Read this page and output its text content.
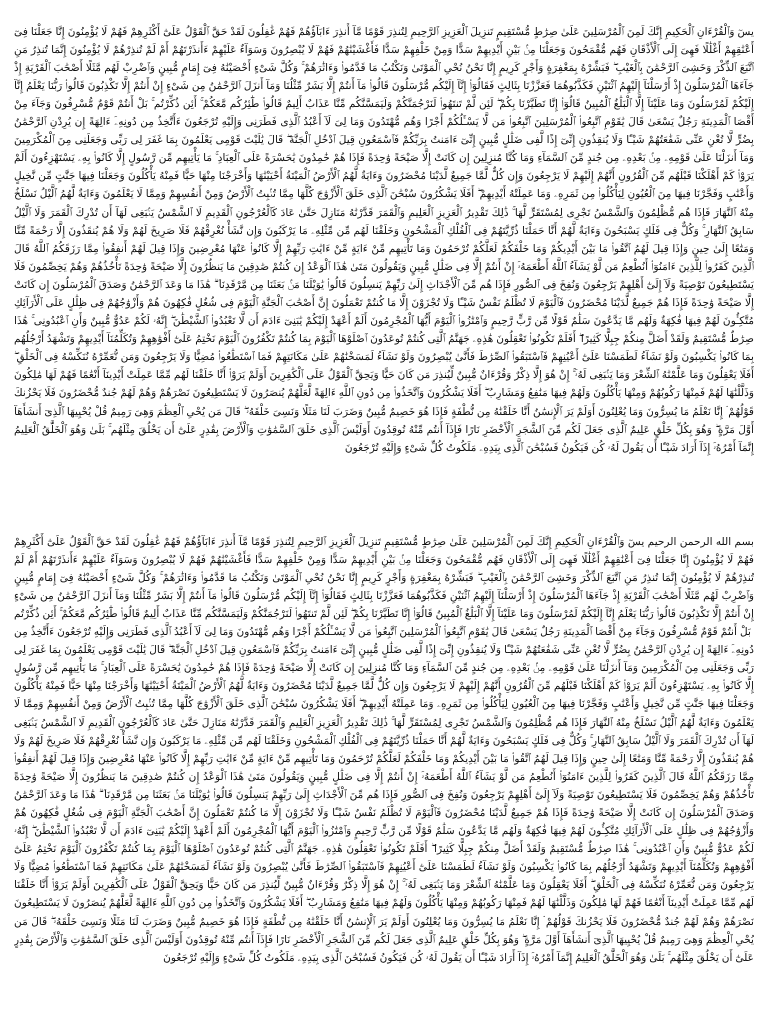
يسٓ وَٱلْقُرْءَانِ ٱلْحَكِيمِ إِنَّكَ لَمِنَ ٱلْمُرْسَلِينَ عَلَىٰ صِرَٰطٍ مُّسْتَقِيمٍ تَنزِيلَ ٱلْعَزِيزِ ٱلرَّحِيمِ لِتُنذِرَ قَوْمًا مَّآ أُنذِرَ ءَابَآؤُهُمْ فَهُمْ غَٰفِلُونَ لَقَدْ حَقَّ ٱلْقَوْلُ عَلَىٰٓ أَكْثَرِهِمْ فَهُمْ لَا يُؤْمِنُونَ إِنَّا جَعَلْنَا فِىٓ أَعْنَٰقِهِمْ أَغْلَٰلًا فَهِىَ إِلَى ٱلْأَذْقَانِ فَهُم مُّقْمَحُونَ وَجَعَلْنَا مِنۢ بَيْنِ أَيْدِيهِمْ سَدًّا وَمِنْ خَلْفِهِمْ سَدًّا فَأَغْشَيْنَٰهُمْ فَهُمْ لَا يُبْصِرُونَ وَسَوَآءٌ عَلَيْهِمْ ءَأَنذَرْتَهُمْ أَمْ لَمْ تُنذِرْهُمْ لَا يُؤْمِنُونَ إِنَّمَا تُنذِرُ مَنِ ٱتَّبَعَ ٱلذِّكْرَ وَخَشِىَ ٱلرَّحْمَٰنَ بِٱلْغَيْبِ ۖ فَبَشِّرْهُ بِمَغْفِرَةٍ وَأَجْرٍ كَرِيمٍ إِنَّا نَحْنُ نُحْىِ ٱلْمَوْتَىٰ وَنَكْتُبُ مَا قَدَّمُوا۟ وَءَاثَٰرَهُمْ ۚ وَكُلَّ شَىْءٍ أَحْصَيْنَٰهُ فِىٓ إِمَامٍ مُّبِينٍ وَٱضْرِبْ لَهُم مَّثَلًا أَصْحَٰبَ ٱلْقَرْيَةِ إِذْ جَآءَهَا ٱلْمُرْسَلُونَ إِذْ أَرْسَلْنَآ إِلَيْهِمُ ٱثْنَيْنِ فَكَذَّبُوهُمَا فَعَزَّزْنَا بِثَالِثٍ فَقَالُوٓا۟ إِنَّآ إِلَيْكُم مُّرْسَلُونَ قَالُوا۟ مَآ أَنتُمْ إِلَّا بَشَرٌ مِّثْلُنَا وَمَآ أَنزَلَ ٱلرَّحْمَٰنُ مِن شَىْءٍ إِنْ أَنتُمْ إِلَّا تَكْذِبُونَ قَالُوا۟ رَبُّنَا يَعْلَمُ إِنَّآ إِلَيْكُمْ لَمُرْسَلُونَ وَمَا عَلَيْنَآ إِلَّا ٱلْبَلَٰغُ ٱلْمُبِينُ قَالُوٓا۟ إِنَّا تَطَيَّرْنَا بِكُمْ ۖ لَئِن لَّمْ تَنتَهُوا۟ لَنَرْجُمَنَّكُمْ وَلَيَمَسَّنَّكُم مِّنَّا عَذَابٌ أَلِيمٌ قَالُوا۟ طَٰٓئِرُكُم مَّعَكُمْ ۚ أَئِن ذُكِّرْتُم ۚ بَلْ أَنتُمْ قَوْمٌ مُّسْرِفُونَ وَجَآءَ مِنْ أَقْصَا ٱلْمَدِينَةِ رَجُلٌ يَسْعَىٰ قَالَ يَٰقَوْمِ ٱتَّبِعُوا۟ ٱلْمُرْسَلِينَ ٱتَّبِعُوا۟ مَن لَّا يَسْـَٔلُكُمْ أَجْرًا وَهُم مُّهْتَدُونَ وَمَا لِىَ لَآ أَعْبُدُ ٱلَّذِى فَطَرَنِى وَإِلَيْهِ تُرْجَعُونَ ءَأَتَّخِذُ مِن دُونِهِۦٓ ءَالِهَةً إِن يُرِدْنِ ٱلرَّحْمَٰنُ بِضُرٍّ لَّا تُغْنِ عَنِّى شَفَٰعَتُهُمْ شَيْـًٔا وَلَا يُنقِذُونِ إِنِّىٓ إِذًا لَّفِى ضَلَٰلٍ مُّبِينٍ إِنِّىٓ ءَامَنتُ بِرَبِّكُمْ فَٱسْمَعُونِ قِيلَ ٱدْخُلِ ٱلْجَنَّةَ ۖ قَالَ يَٰلَيْتَ قَوْمِى يَعْلَمُونَ بِمَا غَفَرَ لِى رَبِّى وَجَعَلَنِى مِنَ ٱلْمُكْرَمِينَ وَمَآ أَنزَلْنَا عَلَىٰ قَوْمِهِۦ مِنۢ بَعْدِهِۦ مِن جُندٍ مِّنَ ٱلسَّمَآءِ وَمَا كُنَّا مُنزِلِينَ إِن كَانَتْ إِلَّا صَيْحَةً وَٰحِدَةً فَإِذَا هُمْ خَٰمِدُونَ يَٰحَسْرَةً عَلَى ٱلْعِبَادِ ۚ مَا يَأْتِيهِم مِّن رَّسُولٍ إِلَّا كَانُوا۟ بِهِۦ يَسْتَهْزِءُونَ أَلَمْ يَرَوْا۟ كَمْ أَهْلَكْنَا قَبْلَهُم مِّنَ ٱلْقُرُونِ أَنَّهُمْ إِلَيْهِمْ لَا يَرْجِعُونَ وَإِن كُلٌّ لَّمَّا جَمِيعٌ لَّدَيْنَا مُحْضَرُونَ وَءَايَةٌ لَّهُمُ ٱلْأَرْضُ ٱلْمَيْتَةُ أَحْيَيْنَٰهَا وَأَخْرَجْنَا مِنْهَا حَبًّا فَمِنْهُ يَأْكُلُونَ وَجَعَلْنَا فِيهَا جَنَّٰتٍ مِّن نَّخِيلٍ وَأَعْنَٰبٍ وَفَجَّرْنَا فِيهَا مِنَ ٱلْعُيُونِ لِيَأْكُلُوا۟ مِن ثَمَرِهِۦ وَمَا عَمِلَتْهُ أَيْدِيهِمْ ۖ أَفَلَا يَشْكُرُونَ سُبْحَٰنَ ٱلَّذِى خَلَقَ ٱلْأَزْوَٰجَ كُلَّهَا مِمَّا تُنۢبِتُ ٱلْأَرْضُ وَمِنْ أَنفُسِهِمْ وَمِمَّا لَا يَعْلَمُونَ وَءَايَةٌ لَّهُمُ ٱلَّيْلُ نَسْلَخُ مِنْهُ ٱلنَّهَارَ فَإِذَا هُم مُّظْلِمُونَ وَٱلشَّمْسُ تَجْرِى لِمُسْتَقَرٍّ لَّهَا ۚ ذَٰلِكَ تَقْدِيرُ ٱلْعَزِيزِ ٱلْعَلِيمِ وَٱلْقَمَرَ قَدَّرْنَٰهُ مَنَازِلَ حَتَّىٰ عَادَ كَٱلْعُرْجُونِ ٱلْقَدِيمِ لَا ٱلشَّمْسُ يَنۢبَغِى لَهَآ أَن تُدْرِكَ ٱلْقَمَرَ وَلَا ٱلَّيْلُ سَابِقُ ٱلنَّهَارِ ۚ وَكُلٌّ فِى فَلَكٍ يَسْبَحُونَ وَءَايَةٌ لَّهُمْ أَنَّا حَمَلْنَا ذُرِّيَّتَهُمْ فِى ٱلْفُلْكِ ٱلْمَشْحُونِ وَخَلَقْنَا لَهُم مِّن مِّثْلِهِۦ مَا يَرْكَبُونَ وَإِن نَّشَأْ نُغْرِقْهُمْ فَلَا صَرِيخَ لَهُمْ وَلَا هُمْ يُنقَذُونَ إِلَّا رَحْمَةً مِّنَّا وَمَتَٰعًا إِلَىٰ حِينٍ وَإِذَا قِيلَ لَهُمُ ٱتَّقُوا۟ مَا بَيْنَ أَيْدِيكُمْ وَمَا خَلْفَكُمْ لَعَلَّكُمْ تُرْحَمُونَ وَمَا تَأْتِيهِم مِّنْ ءَايَةٍ مِّنْ ءَايَٰتِ رَبِّهِمْ إِلَّا كَانُوا۟ عَنْهَا مُعْرِضِينَ وَإِذَا قِيلَ لَهُمْ أَنفِقُوا۟ مِمَّا رَزَقَكُمُ ٱللَّهُ قَالَ ٱلَّذِينَ كَفَرُوا۟ لِلَّذِينَ ءَامَنُوٓا۟ أَنُطْعِمُ مَن لَّوْ يَشَآءُ ٱللَّهُ أَطْعَمَهُۥٓ إِنْ أَنتُمْ إِلَّا فِى ضَلَٰلٍ مُّبِينٍ وَيَقُولُونَ مَتَىٰ هَٰذَا ٱلْوَعْدُ إِن كُنتُمْ صَٰدِقِينَ مَا يَنظُرُونَ إِلَّا صَيْحَةً وَٰحِدَةً تَأْخُذُهُمْ وَهُمْ يَخِصِّمُونَ فَلَا يَسْتَطِيعُونَ تَوْصِيَةً وَلَآ إِلَىٰٓ أَهْلِهِمْ يَرْجِعُونَ وَنُفِخَ فِى ٱلصُّورِ فَإِذَا هُم مِّنَ ٱلْأَجْدَاثِ إِلَىٰ رَبِّهِمْ يَنسِلُونَ قَالُوا۟ يَٰوَيْلَنَا مَنۢ بَعَثَنَا مِن مَّرْقَدِنَا ۜ ۗ هَٰذَا مَا وَعَدَ ٱلرَّحْمَٰنُ وَصَدَقَ ٱلْمُرْسَلُونَ إِن كَانَتْ إِلَّا صَيْحَةً وَٰحِدَةً فَإِذَا هُمْ جَمِيعٌ لَّدَيْنَا مُحْضَرُونَ فَٱلْيَوْمَ لَا تُظْلَمُ نَفْسٌ شَيْـًٔا وَلَا تُجْزَوْنَ إِلَّا مَا كُنتُمْ تَعْمَلُونَ إِنَّ أَصْحَٰبَ ٱلْجَنَّةِ ٱلْيَوْمَ فِى شُغُلٍ فَٰكِهُونَ هُمْ وَأَزْوَٰجُهُمْ فِى ظِلَٰلٍ عَلَى ٱلْأَرَآئِكِ مُتَّكِـُٔونَ لَهُمْ فِيهَا فَٰكِهَةٌ وَلَهُم مَّا يَدَّعُونَ سَلَٰمٌ قَوْلًا مِّن رَّبٍّ رَّحِيمٍ وَٱمْتَٰزُوا۟ ٱلْيَوْمَ أَيُّهَا ٱلْمُجْرِمُونَ أَلَمْ أَعْهَدْ إِلَيْكُمْ يَٰبَنِىٓ ءَادَمَ أَن لَّا تَعْبُدُوا۟ ٱلشَّيْطَٰنَ ۖ إِنَّهُۥ لَكُمْ عَدُوٌّ مُّبِينٌ وَأَنِ ٱعْبُدُونِى ۚ هَٰذَا صِرَٰطٌ مُّسْتَقِيمٌ وَلَقَدْ أَضَلَّ مِنكُمْ جِبِلًّا كَثِيرًا ۖ أَفَلَمْ تَكُونُوا۟ تَعْقِلُونَ هَٰذِهِۦ جَهَنَّمُ ٱلَّتِى كُنتُمْ تُوعَدُونَ ٱصْلَوْهَا ٱلْيَوْمَ بِمَا كُنتُمْ تَكْفُرُونَ ٱلْيَوْمَ نَخْتِمُ عَلَىٰٓ أَفْوَٰهِهِمْ وَتُكَلِّمُنَآ أَيْدِيهِمْ وَتَشْهَدُ أَرْجُلُهُم بِمَا كَانُوا۟ يَكْسِبُونَ وَلَوْ نَشَآءُ لَطَمَسْنَا عَلَىٰٓ أَعْيُنِهِمْ فَٱسْتَبَقُوا۟ ٱلصِّرَٰطَ فَأَنَّىٰ يُبْصِرُونَ وَلَوْ نَشَآءُ لَمَسَخْنَٰهُمْ عَلَىٰ مَكَانَتِهِمْ فَمَا ٱسْتَطَٰعُوا۟ مُضِيًّا وَلَا يَرْجِعُونَ وَمَن نُّعَمِّرْهُ نُنَكِّسْهُ فِى ٱلْخَلْقِ ۖ أَفَلَا يَعْقِلُونَ وَمَا عَلَّمْنَٰهُ ٱلشِّعْرَ وَمَا يَنۢبَغِى لَهُۥٓ ۚ إِنْ هُوَ إِلَّا ذِكْرٌ وَقُرْءَانٌ مُّبِينٌ لِّيُنذِرَ مَن كَانَ حَيًّا وَيَحِقَّ ٱلْقَوْلُ عَلَى ٱلْكَٰفِرِينَ أَوَلَمْ يَرَوْا۟ أَنَّا خَلَقْنَا لَهُم مِّمَّا عَمِلَتْ أَيْدِينَآ أَنْعَٰمًا فَهُمْ لَهَا مَٰلِكُونَ وَذَلَّلْنَٰهَا لَهُمْ فَمِنْهَا رَكُوبُهُمْ وَمِنْهَا يَأْكُلُونَ وَلَهُمْ فِيهَا مَنَٰفِعُ وَمَشَارِبُ ۖ أَفَلَا يَشْكُرُونَ وَٱتَّخَذُوا۟ مِن دُونِ ٱللَّهِ ءَالِهَةً لَّعَلَّهُمْ يُنصَرُونَ لَا يَسْتَطِيعُونَ نَصْرَهُمْ وَهُمْ لَهُمْ جُندٌ مُّحْضَرُونَ فَلَا يَحْزُنكَ قَوْلُهُمْ ۘ إِنَّا نَعْلَمُ مَا يُسِرُّونَ وَمَا يُعْلِنُونَ أَوَلَمْ يَرَ ٱلْإِنسَٰنُ أَنَّا خَلَقْنَٰهُ مِن نُّطْفَةٍ فَإِذَا هُوَ خَصِيمٌ مُّبِينٌ وَضَرَبَ لَنَا مَثَلًا وَنَسِىَ خَلْقَهُۥ ۖ قَالَ مَن يُحْىِ ٱلْعِظَٰمَ وَهِىَ رَمِيمٌ قُلْ يُحْيِيهَا ٱلَّذِىٓ أَنشَأَهَآ أَوَّلَ مَرَّةٍ ۖ وَهُوَ بِكُلِّ خَلْقٍ عَلِيمٌ ٱلَّذِى جَعَلَ لَكُم مِّنَ ٱلشَّجَرِ ٱلْأَخْضَرِ نَارًا فَإِذَآ أَنتُم مِّنْهُ تُوقِدُونَ أَوَلَيْسَ ٱلَّذِى خَلَقَ ٱلسَّمَٰوَٰتِ وَٱلْأَرْضَ بِقَٰدِرٍ عَلَىٰٓ أَن يَخْلُقَ مِثْلَهُم ۚ بَلَىٰ وَهُوَ ٱلْخَلَّٰقُ ٱلْعَلِيمُ إِنَّمَآ أَمْرُهُۥٓ إِذَآ أَرَادَ شَيْـًٔا أَن يَقُولَ لَهُۥ كُن فَيَكُونُ فَسُبْحَٰنَ ٱلَّذِى بِيَدِهِۦ مَلَكُوتُ كُلِّ شَىْءٍ وَإِلَيْهِ تُرْجَعُونَ

بسم الله الرحمن الرحيم يسٓ وَٱلْقُرْءَانِ ٱلْحَكِيمِ إِنَّكَ لَمِنَ ٱلْمُرْسَلِينَ عَلَىٰ صِرَٰطٍ مُّسْتَقِيمٍ تَنزِيلَ ٱلْعَزِيزِ ٱلرَّحِيمِ لِتُنذِرَ قَوْمًا مَّآ أُنذِرَ ءَابَآؤُهُمْ فَهُمْ غَٰفِلُونَ لَقَدْ حَقَّ ٱلْقَوْلُ عَلَىٰٓ أَكْثَرِهِمْ فَهُمْ لَا يُؤْمِنُونَ إِنَّا جَعَلْنَا فِىٓ أَعْنَٰقِهِمْ أَغْلَٰلًا فَهِىَ إِلَى ٱلْأَذْقَانِ فَهُم مُّقْمَحُونَ وَجَعَلْنَا مِنۢ بَيْنِ أَيْدِيهِمْ سَدًّا وَمِنْ خَلْفِهِمْ سَدًّا فَأَغْشَيْنَٰهُمْ فَهُمْ لَا يُبْصِرُونَ وَسَوَآءٌ عَلَيْهِمْ ءَأَنذَرْتَهُمْ أَمْ لَمْ تُنذِرْهُمْ لَا يُؤْمِنُونَ إِنَّمَا تُنذِرُ مَنِ ٱتَّبَعَ ٱلذِّكْرَ وَخَشِىَ ٱلرَّحْمَٰنَ بِٱلْغَيْبِ ۖ فَبَشِّرْهُ بِمَغْفِرَةٍ وَأَجْرٍ كَرِيمٍ إِنَّا نَحْنُ نُحْىِ ٱلْمَوْتَىٰ وَنَكْتُبُ مَا قَدَّمُوا۟ وَءَاثَٰرَهُمْ ۚ وَكُلَّ شَىْءٍ أَحْصَيْنَٰهُ فِىٓ إِمَامٍ مُّبِينٍ وَٱضْرِبْ لَهُم مَّثَلًا أَصْحَٰبَ ٱلْقَرْيَةِ إِذْ جَآءَهَا ٱلْمُرْسَلُونَ إِذْ أَرْسَلْنَآ إِلَيْهِمُ ٱثْنَيْنِ فَكَذَّبُوهُمَا فَعَزَّزْنَا بِثَالِثٍ فَقَالُوٓا۟ إِنَّآ إِلَيْكُم مُّرْسَلُونَ قَالُوا۟ مَآ أَنتُمْ إِلَّا بَشَرٌ مِّثْلُنَا وَمَآ أَنزَلَ ٱلرَّحْمَٰنُ مِن شَىْءٍ إِنْ أَنتُمْ إِلَّا تَكْذِبُونَ قَالُوا۟ رَبُّنَا يَعْلَمُ إِنَّآ إِلَيْكُمْ لَمُرْسَلُونَ وَمَا عَلَيْنَآ إِلَّا ٱلْبَلَٰغُ ٱلْمُبِينُ قَالُوٓا۟ إِنَّا تَطَيَّرْنَا بِكُمْ ۖ لَئِن لَّمْ تَنتَهُوا۟ لَنَرْجُمَنَّكُمْ وَلَيَمَسَّنَّكُم مِّنَّا عَذَابٌ أَلِيمٌ قَالُوا۟ طَٰٓئِرُكُم مَّعَكُمْ ۚ أَئِن ذُكِّرْتُم ۚ بَلْ أَنتُمْ قَوْمٌ مُّسْرِفُونَ وَجَآءَ مِنْ أَقْصَا ٱلْمَدِينَةِ رَجُلٌ يَسْعَىٰ قَالَ يَٰقَوْمِ ٱتَّبِعُوا۟ ٱلْمُرْسَلِينَ ٱتَّبِعُوا۟ مَن لَّا يَسْـَٔلُكُمْ أَجْرًا وَهُم مُّهْتَدُونَ وَمَا لِىَ لَآ أَعْبُدُ ٱلَّذِى فَطَرَنِى وَإِلَيْهِ تُرْجَعُونَ ءَأَتَّخِذُ مِن دُونِهِۦٓ ءَالِهَةً إِن يُرِدْنِ ٱلرَّحْمَٰنُ بِضُرٍّ لَّا تُغْنِ عَنِّى شَفَٰعَتُهُمْ شَيْـًٔا وَلَا يُنقِذُونِ إِنِّىٓ إِذًا لَّفِى ضَلَٰلٍ مُّبِينٍ إِنِّىٓ ءَامَنتُ بِرَبِّكُمْ فَٱسْمَعُونِ قِيلَ ٱدْخُلِ ٱلْجَنَّةَ ۖ قَالَ يَٰلَيْتَ قَوْمِى يَعْلَمُونَ بِمَا غَفَرَ لِى رَبِّى وَجَعَلَنِى مِنَ ٱلْمُكْرَمِينَ وَمَآ أَنزَلْنَا عَلَىٰ قَوْمِهِۦ مِنۢ بَعْدِهِۦ مِن جُندٍ مِّنَ ٱلسَّمَآءِ وَمَا كُنَّا مُنزِلِينَ إِن كَانَتْ إِلَّا صَيْحَةً وَٰحِدَةً فَإِذَا هُمْ خَٰمِدُونَ يَٰحَسْرَةً عَلَى ٱلْعِبَادِ ۚ مَا يَأْتِيهِم مِّن رَّسُولٍ إِلَّا كَانُوا۟ بِهِۦ يَسْتَهْزِءُونَ أَلَمْ يَرَوْا۟ كَمْ أَهْلَكْنَا قَبْلَهُم مِّنَ ٱلْقُرُونِ أَنَّهُمْ إِلَيْهِمْ لَا يَرْجِعُونَ وَإِن كُلٌّ لَّمَّا جَمِيعٌ لَّدَيْنَا مُحْضَرُونَ وَءَايَةٌ لَّهُمُ ٱلْأَرْضُ ٱلْمَيْتَةُ أَحْيَيْنَٰهَا وَأَخْرَجْنَا مِنْهَا حَبًّا فَمِنْهُ يَأْكُلُونَ وَجَعَلْنَا فِيهَا جَنَّٰتٍ مِّن نَّخِيلٍ وَأَعْنَٰبٍ وَفَجَّرْنَا فِيهَا مِنَ ٱلْعُيُونِ لِيَأْكُلُوا۟ مِن ثَمَرِهِۦ وَمَا عَمِلَتْهُ أَيْدِيهِمْ ۖ أَفَلَا يَشْكُرُونَ سُبْحَٰنَ ٱلَّذِى خَلَقَ ٱلْأَزْوَٰجَ كُلَّهَا مِمَّا تُنۢبِتُ ٱلْأَرْضُ وَمِنْ أَنفُسِهِمْ وَمِمَّا لَا يَعْلَمُونَ وَءَايَةٌ لَّهُمُ ٱلَّيْلُ نَسْلَخُ مِنْهُ ٱلنَّهَارَ فَإِذَا هُم مُّظْلِمُونَ وَٱلشَّمْسُ تَجْرِى لِمُسْتَقَرٍّ لَّهَا ۚ ذَٰلِكَ تَقْدِيرُ ٱلْعَزِيزِ ٱلْعَلِيمِ وَٱلْقَمَرَ قَدَّرْنَٰهُ مَنَازِلَ حَتَّىٰ عَادَ كَٱلْعُرْجُونِ ٱلْقَدِيمِ لَا ٱلشَّمْسُ يَنۢبَغِى لَهَآ أَن تُدْرِكَ ٱلْقَمَرَ وَلَا ٱلَّيْلُ سَابِقُ ٱلنَّهَارِ ۚ وَكُلٌّ فِى فَلَكٍ يَسْبَحُونَ وَءَايَةٌ لَّهُمْ أَنَّا حَمَلْنَا ذُرِّيَّتَهُمْ فِى ٱلْفُلْكِ ٱلْمَشْحُونِ وَخَلَقْنَا لَهُم مِّن مِّثْلِهِۦ مَا يَرْكَبُونَ وَإِن نَّشَأْ نُغْرِقْهُمْ فَلَا صَرِيخَ لَهُمْ وَلَا هُمْ يُنقَذُونَ إِلَّا رَحْمَةً مِّنَّا وَمَتَٰعًا إِلَىٰ حِينٍ وَإِذَا قِيلَ لَهُمُ ٱتَّقُوا۟ مَا بَيْنَ أَيْدِيكُمْ وَمَا خَلْفَكُمْ لَعَلَّكُمْ تُرْحَمُونَ وَمَا تَأْتِيهِم مِّنْ ءَايَةٍ مِّنْ ءَايَٰتِ رَبِّهِمْ إِلَّا كَانُوا۟ عَنْهَا مُعْرِضِينَ وَإِذَا قِيلَ لَهُمْ أَنفِقُوا۟ مِمَّا رَزَقَكُمُ ٱللَّهُ قَالَ ٱلَّذِينَ كَفَرُوا۟ لِلَّذِينَ ءَامَنُوٓا۟ أَنُطْعِمُ مَن لَّوْ يَشَآءُ ٱللَّهُ أَطْعَمَهُۥٓ إِنْ أَنتُمْ إِلَّا فِى ضَلَٰلٍ مُّبِينٍ وَيَقُولُونَ مَتَىٰ هَٰذَا ٱلْوَعْدُ إِن كُنتُمْ صَٰدِقِينَ مَا يَنظُرُونَ إِلَّا صَيْحَةً وَٰحِدَةً تَأْخُذُهُمْ وَهُمْ يَخِصِّمُونَ فَلَا يَسْتَطِيعُونَ تَوْصِيَةً وَلَآ إِلَىٰٓ أَهْلِهِمْ يَرْجِعُونَ وَنُفِخَ فِى ٱلصُّورِ فَإِذَا هُم مِّنَ ٱلْأَجْدَاثِ إِلَىٰ رَبِّهِمْ يَنسِلُونَ قَالُوا۟ يَٰوَيْلَنَا مَنۢ بَعَثَنَا مِن مَّرْقَدِنَا ۜ ۗ هَٰذَا مَا وَعَدَ ٱلرَّحْمَٰنُ وَصَدَقَ ٱلْمُرْسَلُونَ إِن كَانَتْ إِلَّا صَيْحَةً وَٰحِدَةً فَإِذَا هُمْ جَمِيعٌ لَّدَيْنَا مُحْضَرُونَ فَٱلْيَوْمَ لَا تُظْلَمُ نَفْسٌ شَيْـًٔا وَلَا تُجْزَوْنَ إِلَّا مَا كُنتُمْ تَعْمَلُونَ إِنَّ أَصْحَٰبَ ٱلْجَنَّةِ ٱلْيَوْمَ فِى شُغُلٍ فَٰكِهُونَ هُمْ وَأَزْوَٰجُهُمْ فِى ظِلَٰلٍ عَلَى ٱلْأَرَآئِكِ مُتَّكِـُٔونَ لَهُمْ فِيهَا فَٰكِهَةٌ وَلَهُم مَّا يَدَّعُونَ سَلَٰمٌ قَوْلًا مِّن رَّبٍّ رَّحِيمٍ وَٱمْتَٰزُوا۟ ٱلْيَوْمَ أَيُّهَا ٱلْمُجْرِمُونَ أَلَمْ أَعْهَدْ إِلَيْكُمْ يَٰبَنِىٓ ءَادَمَ أَن لَّا تَعْبُدُوا۟ ٱلشَّيْطَٰنَ ۖ إِنَّهُۥ لَكُمْ عَدُوٌّ مُّبِينٌ وَأَنِ ٱعْبُدُونِى ۚ هَٰذَا صِرَٰطٌ مُّسْتَقِيمٌ وَلَقَدْ أَضَلَّ مِنكُمْ جِبِلًّا كَثِيرًا ۖ أَفَلَمْ تَكُونُوا۟ تَعْقِلُونَ هَٰذِهِۦ جَهَنَّمُ ٱلَّتِى كُنتُمْ تُوعَدُونَ ٱصْلَوْهَا ٱلْيَوْمَ بِمَا كُنتُمْ تَكْفُرُونَ ٱلْيَوْمَ نَخْتِمُ عَلَىٰٓ أَفْوَٰهِهِمْ وَتُكَلِّمُنَآ أَيْدِيهِمْ وَتَشْهَدُ أَرْجُلُهُم بِمَا كَانُوا۟ يَكْسِبُونَ وَلَوْ نَشَآءُ لَطَمَسْنَا عَلَىٰٓ أَعْيُنِهِمْ فَٱسْتَبَقُوا۟ ٱلصِّرَٰطَ فَأَنَّىٰ يُبْصِرُونَ وَلَوْ نَشَآءُ لَمَسَخْنَٰهُمْ عَلَىٰ مَكَانَتِهِمْ فَمَا ٱسْتَطَٰعُوا۟ مُضِيًّا وَلَا يَرْجِعُونَ وَمَن نُّعَمِّرْهُ نُنَكِّسْهُ فِى ٱلْخَلْقِ ۖ أَفَلَا يَعْقِلُونَ وَمَا عَلَّمْنَٰهُ ٱلشِّعْرَ وَمَا يَنۢبَغِى لَهُۥٓ ۚ إِنْ هُوَ إِلَّا ذِكْرٌ وَقُرْءَانٌ مُّبِينٌ لِّيُنذِرَ مَن كَانَ حَيًّا وَيَحِقَّ ٱلْقَوْلُ عَلَى ٱلْكَٰفِرِينَ أَوَلَمْ يَرَوْا۟ أَنَّا خَلَقْنَا لَهُم مِّمَّا عَمِلَتْ أَيْدِينَآ أَنْعَٰمًا فَهُمْ لَهَا مَٰلِكُونَ وَذَلَّلْنَٰهَا لَهُمْ فَمِنْهَا رَكُوبُهُمْ وَمِنْهَا يَأْكُلُونَ وَلَهُمْ فِيهَا مَنَٰفِعُ وَمَشَارِبُ ۖ أَفَلَا يَشْكُرُونَ وَٱتَّخَذُوا۟ مِن دُونِ ٱللَّهِ ءَالِهَةً لَّعَلَّهُمْ يُنصَرُونَ لَا يَسْتَطِيعُونَ نَصْرَهُمْ وَهُمْ لَهُمْ جُندٌ مُّحْضَرُونَ فَلَا يَحْزُنكَ قَوْلُهُمْ ۘ إِنَّا نَعْلَمُ مَا يُسِرُّونَ وَمَا يُعْلِنُونَ أَوَلَمْ يَرَ ٱلْإِنسَٰنُ أَنَّا خَلَقْنَٰهُ مِن نُّطْفَةٍ فَإِذَا هُوَ خَصِيمٌ مُّبِينٌ وَضَرَبَ لَنَا مَثَلًا وَنَسِىَ خَلْقَهُۥ ۖ قَالَ مَن يُحْىِ ٱلْعِظَٰمَ وَهِىَ رَمِيمٌ قُلْ يُحْيِيهَا ٱلَّذِىٓ أَنشَأَهَآ أَوَّلَ مَرَّةٍ ۖ وَهُوَ بِكُلِّ خَلْقٍ عَلِيمٌ ٱلَّذِى جَعَلَ لَكُم مِّنَ ٱلشَّجَرِ ٱلْأَخْضَرِ نَارًا فَإِذَآ أَنتُم مِّنْهُ تُوقِدُونَ أَوَلَيْسَ ٱلَّذِى خَلَقَ ٱلسَّمَٰوَٰتِ وَٱلْأَرْضَ بِقَٰدِرٍ عَلَىٰٓ أَن يَخْلُقَ مِثْلَهُم ۚ بَلَىٰ وَهُوَ ٱلْخَلَّٰقُ ٱلْعَلِيمُ إِنَّمَآ أَمْرُهُۥٓ إِذَآ أَرَادَ شَيْـًٔا أَن يَقُولَ لَهُۥ كُن فَيَكُونُ فَسُبْحَٰنَ ٱلَّذِى بِيَدِهِۦ مَلَكُوتُ كُلِّ شَىْءٍ وَإِلَيْهِ تُرْجَعُونَ
